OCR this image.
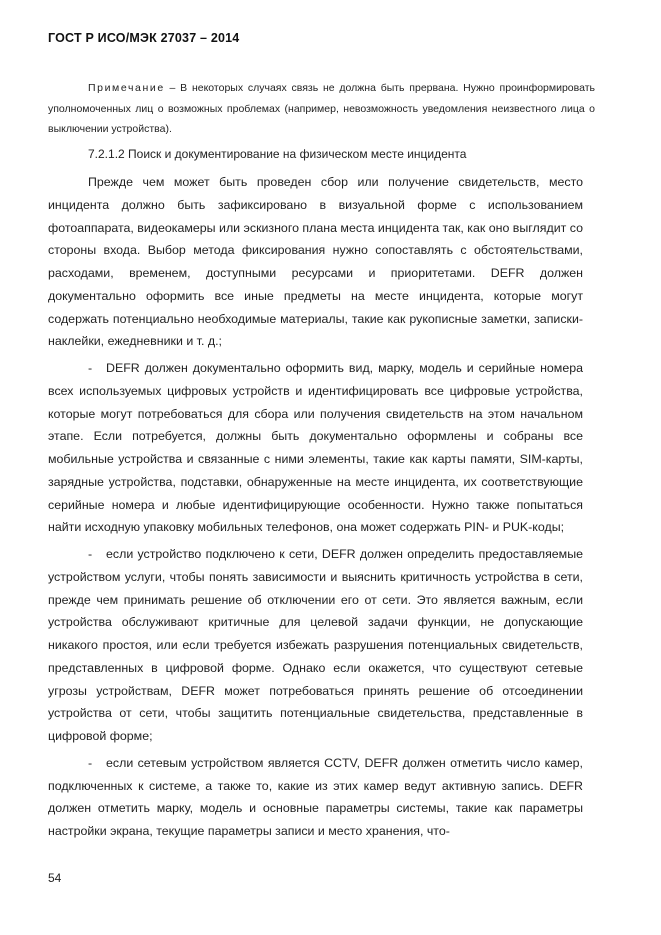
ГОСТ Р ИСО/МЭК 27037 – 2014
Примечание – В некоторых случаях связь не должна быть прервана. Нужно проинформировать уполномоченных лиц о возможных проблемах (например, невозможность уведомления неизвестного лица о выключении устройства).
7.2.1.2 Поиск и документирование на физическом месте инцидента

Прежде чем может быть проведен сбор или получение свидетельств, место инцидента должно быть зафиксировано в визуальной форме с использованием фотоаппарата, видеокамеры или эскизного плана места инцидента так, как оно выглядит со стороны входа. Выбор метода фиксирования нужно сопоставлять с обстоятельствами, расходами, временем, доступными ресурсами и приоритетами. DEFR должен документально оформить все иные предметы на месте инцидента, которые могут содержать потенциально необходимые материалы, такие как рукописные заметки, записки-наклейки, ежедневники и т. д.;

- DEFR должен документально оформить вид, марку, модель и серийные номера всех используемых цифровых устройств и идентифицировать все цифровые устройства, которые могут потребоваться для сбора или получения свидетельств на этом начальном этапе. Если потребуется, должны быть документально оформлены и собраны все мобильные устройства и связанные с ними элементы, такие как карты памяти, SIM-карты, зарядные устройства, подставки, обнаруженные на месте инцидента, их соответствующие серийные номера и любые идентифицирующие особенности. Нужно также попытаться найти исходную упаковку мобильных телефонов, она может содержать PIN- и PUK-коды;

- если устройство подключено к сети, DEFR должен определить предоставляемые устройством услуги, чтобы понять зависимости и выяснить критичность устройства в сети, прежде чем принимать решение об отключении его от сети. Это является важным, если устройства обслуживают критичные для целевой задачи функции, не допускающие никакого простоя, или если требуется избежать разрушения потенциальных свидетельств, представленных в цифровой форме. Однако если окажется, что существуют сетевые угрозы устройствам, DEFR может потребоваться принять решение об отсоединении устройства от сети, чтобы защитить потенциальные свидетельства, представленные в цифровой форме;

- если сетевым устройством является CCTV, DEFR должен отметить число камер, подключенных к системе, а также то, какие из этих камер ведут активную запись. DEFR должен отметить марку, модель и основные параметры системы, такие как параметры настройки экрана, текущие параметры записи и место хранения, что-

54
